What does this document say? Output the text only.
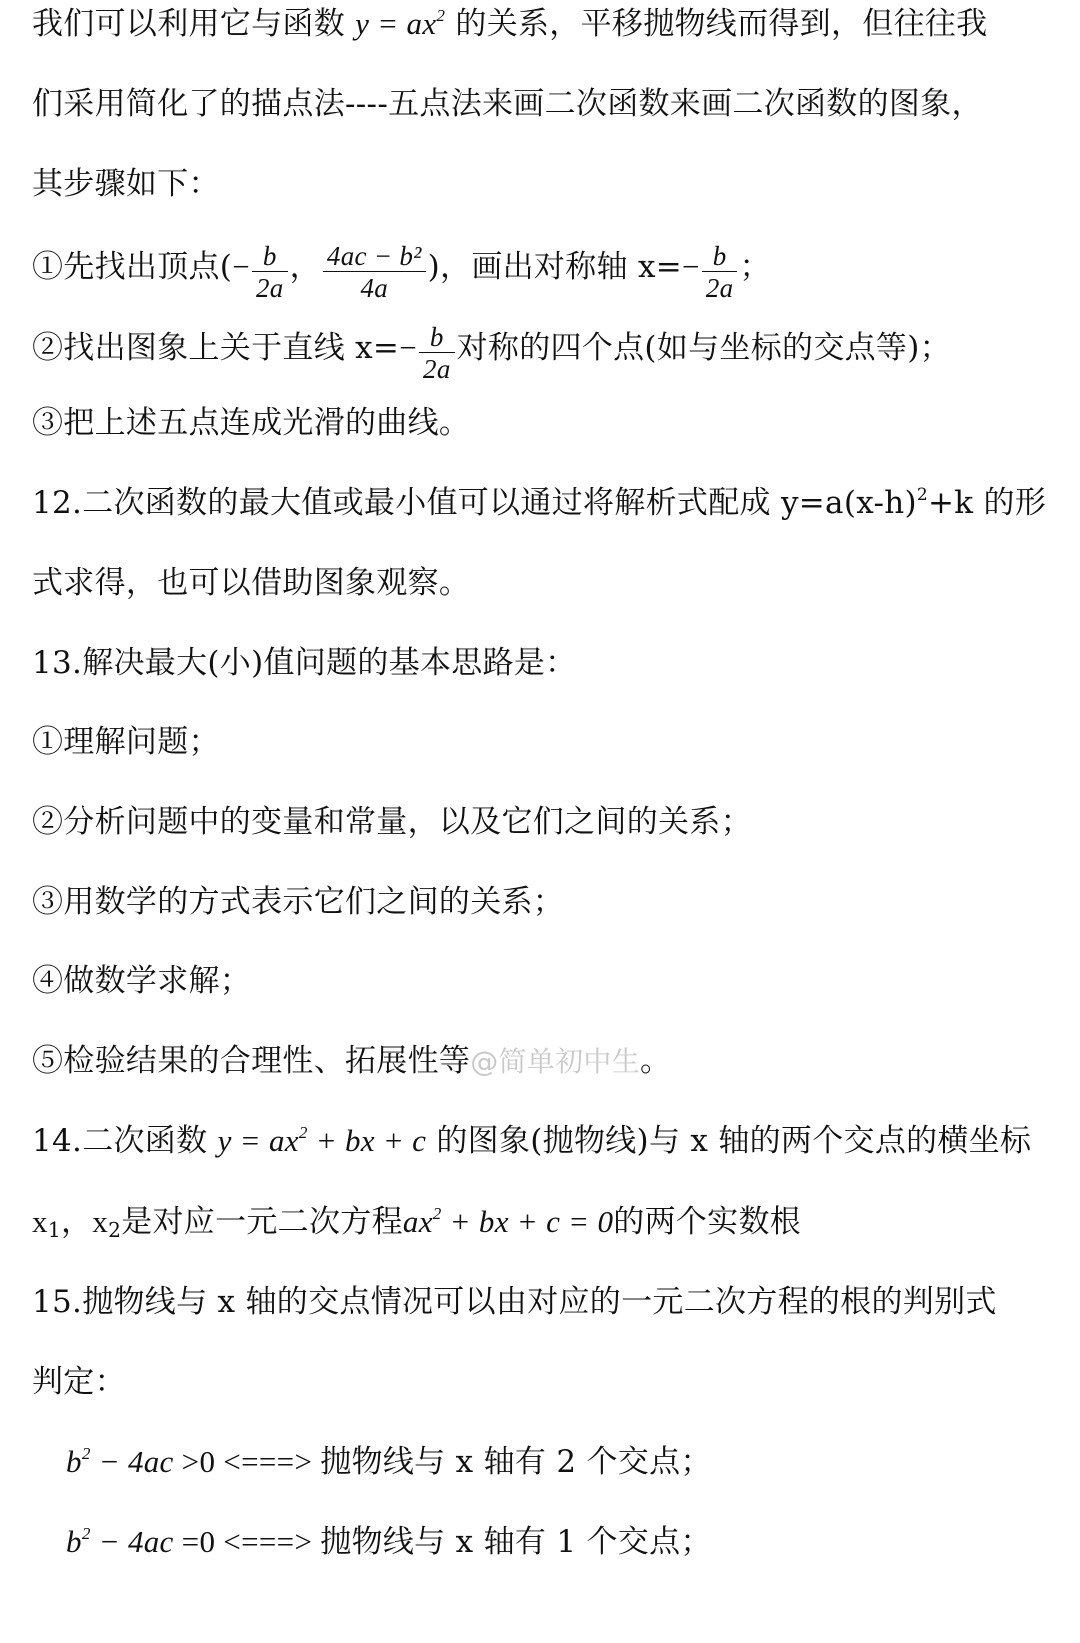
我们可以利用它与函数 $y = ax^2$ 的关系，平移抛物线而得到，但往往我
们采用简化了的描点法----五点法来画二次函数来画二次函数的图象，
其步骤如下：
①先找出顶点(− $\frac{b}{2a}$ ， $\frac{\text{4ac − b²}}{4a}$ )，画出对称轴 $x=- \frac{b}{2a}$ ；
②找出图象上关于直线 $x=- \frac{b}{2a}$ 对称的四个点(如与坐标的交点等)；
③把上述五点连成光滑的曲线。
12.二次函数的最大值或最小值可以通过将解析式配成 $y=a(x-h)^2+k$ 的形
式求得，也可以借助图象观察。
13.解决最大(小)值问题的基本思路是：
①理解问题；
②分析问题中的变量和常量，以及它们之间的关系；
③用数学的方式表示它们之间的关系；
④做数学求解；
⑤检验结果的合理性、拓展性等@简单初中生。
14.二次函数 $y = ax^2$ + bx + c 的图象(抛物线)与 x 轴的两个交点的横坐标
$x_1$，$x_2$是对应一元二次方程$ax^2$ + bx + c = 0的两个实数根
15.抛物线与 x 轴的交点情况可以由对应的一元二次方程的根的判别式
判定：
$b^2 - 4ac >0$ <===> 抛物线与 x 轴有 2 个交点；
$b^2 - 4ac =0$ <===> 抛物线与 x 轴有 1 个交点；
